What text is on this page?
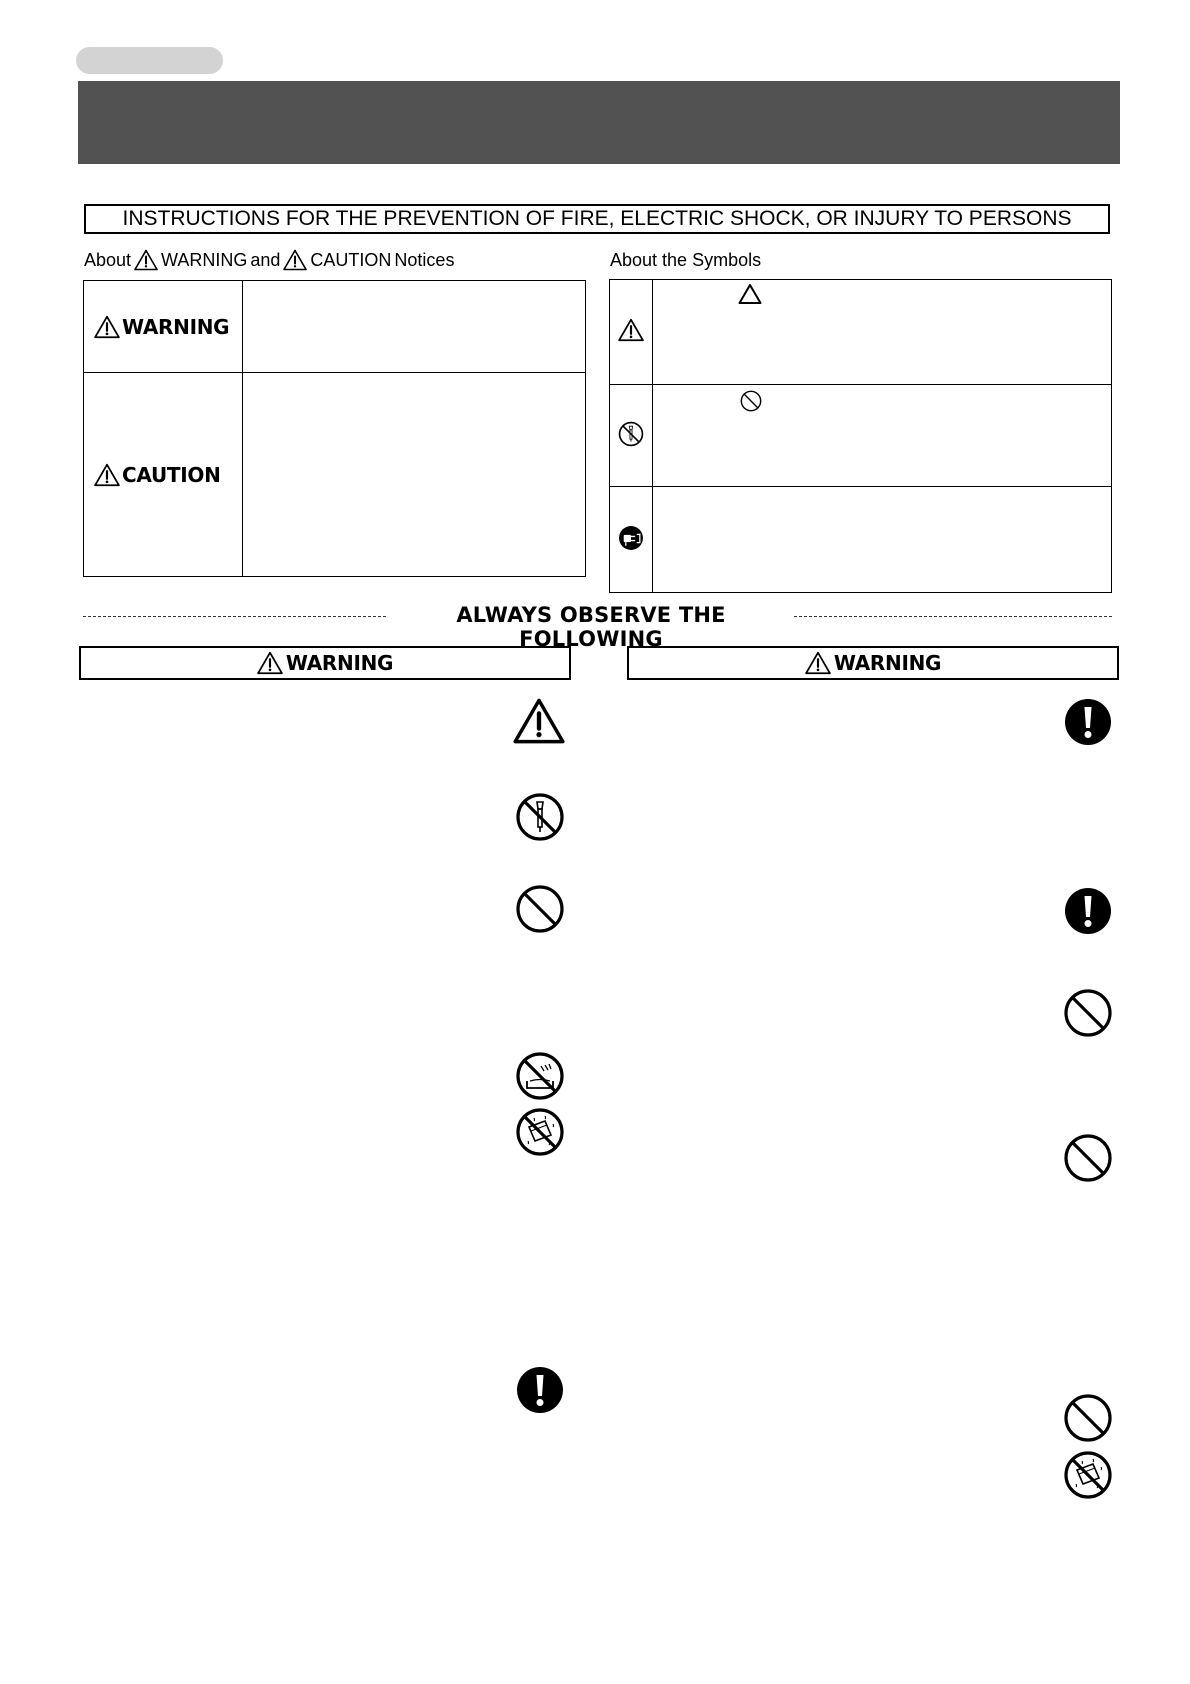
INSTRUCTIONS FOR THE PREVENTION OF FIRE, ELECTRIC SHOCK, OR INJURY TO PERSONS
About WARNING and CAUTION Notices
WARNING	

CAUTION	

About the Symbols

ALWAYS OBSERVE THE FOLLOWING
WARNING	WARNING
